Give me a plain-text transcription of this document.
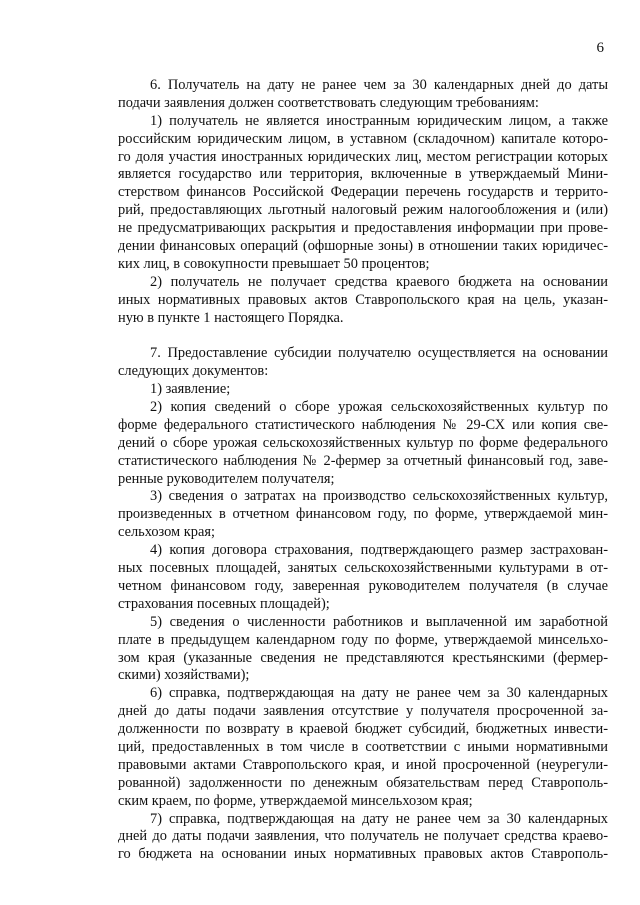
6
6. Получатель на дату не ранее чем за 30 календарных дней до даты
подачи заявления должен соответствовать следующим требованиям:
1) получатель не является иностранным юридическим лицом, а также
российским юридическим лицом, в уставном (складочном) капитале которо-
го доля участия иностранных юридических лиц, местом регистрации которых
является государство или территория, включенные в утверждаемый Мини-
стерством финансов Российской Федерации перечень государств и террито-
рий, предоставляющих льготный налоговый режим налогообложения и (или)
не предусматривающих раскрытия и предоставления информации при прове-
дении финансовых операций (офшорные зоны) в отношении таких юридичес-
ких лиц, в совокупности превышает 50 процентов;
2) получатель не получает средства краевого бюджета на основании
иных нормативных правовых актов Ставропольского края на цель, указан-
ную в пункте 1 настоящего Порядка.
7. Предоставление субсидии получателю осуществляется на основании
следующих документов:
1) заявление;
2) копия сведений о сборе урожая сельскохозяйственных культур по
форме федерального статистического наблюдения № 29-СХ или копия све-
дений о сборе урожая сельскохозяйственных культур по форме федерального
статистического наблюдения № 2-фермер за отчетный финансовый год, заве-
ренные руководителем получателя;
3) сведения о затратах на производство сельскохозяйственных культур,
произведенных в отчетном финансовом году, по форме, утверждаемой мин-
сельхозом края;
4) копия договора страхования, подтверждающего размер застрахован-
ных посевных площадей, занятых сельскохозяйственными культурами в от-
четном финансовом году, заверенная руководителем получателя (в случае
страхования посевных площадей);
5) сведения о численности работников и выплаченной им заработной
плате в предыдущем календарном году по форме, утверждаемой минсельхо-
зом края (указанные сведения не представляются крестьянскими (фермер-
скими) хозяйствами);
6) справка, подтверждающая на дату не ранее чем за 30 календарных
дней до даты подачи заявления отсутствие у получателя просроченной за-
долженности по возврату в краевой бюджет субсидий, бюджетных инвести-
ций, предоставленных в том числе в соответствии с иными нормативными
правовыми актами Ставропольского края, и иной просроченной (неурегули-
рованной) задолженности по денежным обязательствам перед Ставрополь-
ским краем, по форме, утверждаемой минсельхозом края;
7) справка, подтверждающая на дату не ранее чем за 30 календарных
дней до даты подачи заявления, что получатель не получает средства краево-
го бюджета на основании иных нормативных правовых актов Ставрополь-
